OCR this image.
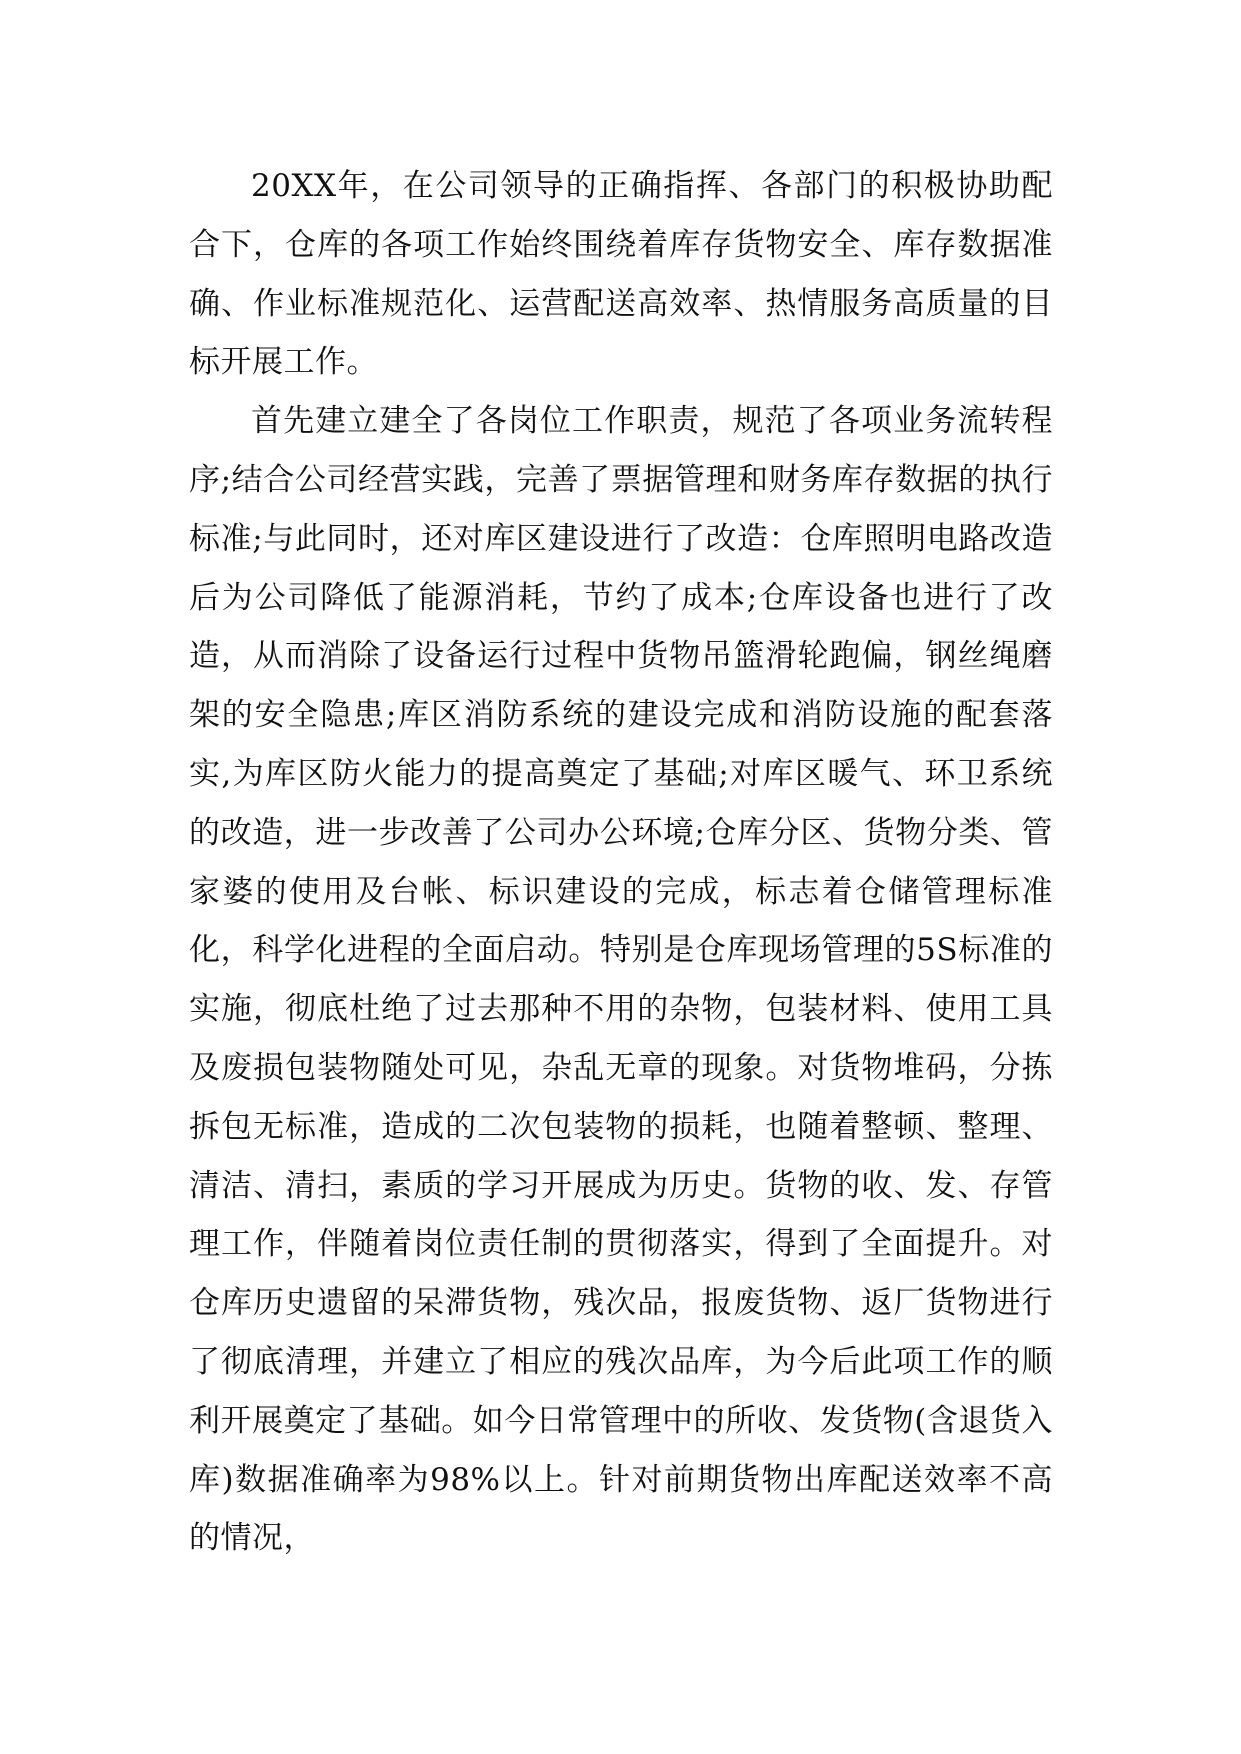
20XX年，在公司领导的正确指挥、各部门的积极协助配合下，仓库的各项工作始终围绕着库存货物安全、库存数据准确、作业标准规范化、运营配送高效率、热情服务高质量的目标开展工作。

首先建立建全了各岗位工作职责，规范了各项业务流转程序;结合公司经营实践，完善了票据管理和财务库存数据的执行标准;与此同时，还对库区建设进行了改造：仓库照明电路改造后为公司降低了能源消耗，节约了成本;仓库设备也进行了改造，从而消除了设备运行过程中货物吊篮滑轮跑偏，钢丝绳磨架的安全隐患;库区消防系统的建设完成和消防设施的配套落实,为库区防火能力的提高奠定了基础;对库区暖气、环卫系统的改造，进一步改善了公司办公环境;仓库分区、货物分类、管家婆的使用及台帐、标识建设的完成，标志着仓储管理标准化，科学化进程的全面启动。特别是仓库现场管理的5S标准的实施，彻底杜绝了过去那种不用的杂物，包装材料、使用工具及废损包装物随处可见，杂乱无章的现象。对货物堆码，分拣拆包无标准，造成的二次包装物的损耗，也随着整顿、整理、清洁、清扫，素质的学习开展成为历史。货物的收、发、存管理工作，伴随着岗位责任制的贯彻落实，得到了全面提升。对仓库历史遗留的呆滞货物，残次品，报废货物、返厂货物进行了彻底清理，并建立了相应的残次品库，为今后此项工作的顺利开展奠定了基础。如今日常管理中的所收、发货物(含退货入库)数据准确率为98%以上。针对前期货物出库配送效率不高的情况，
